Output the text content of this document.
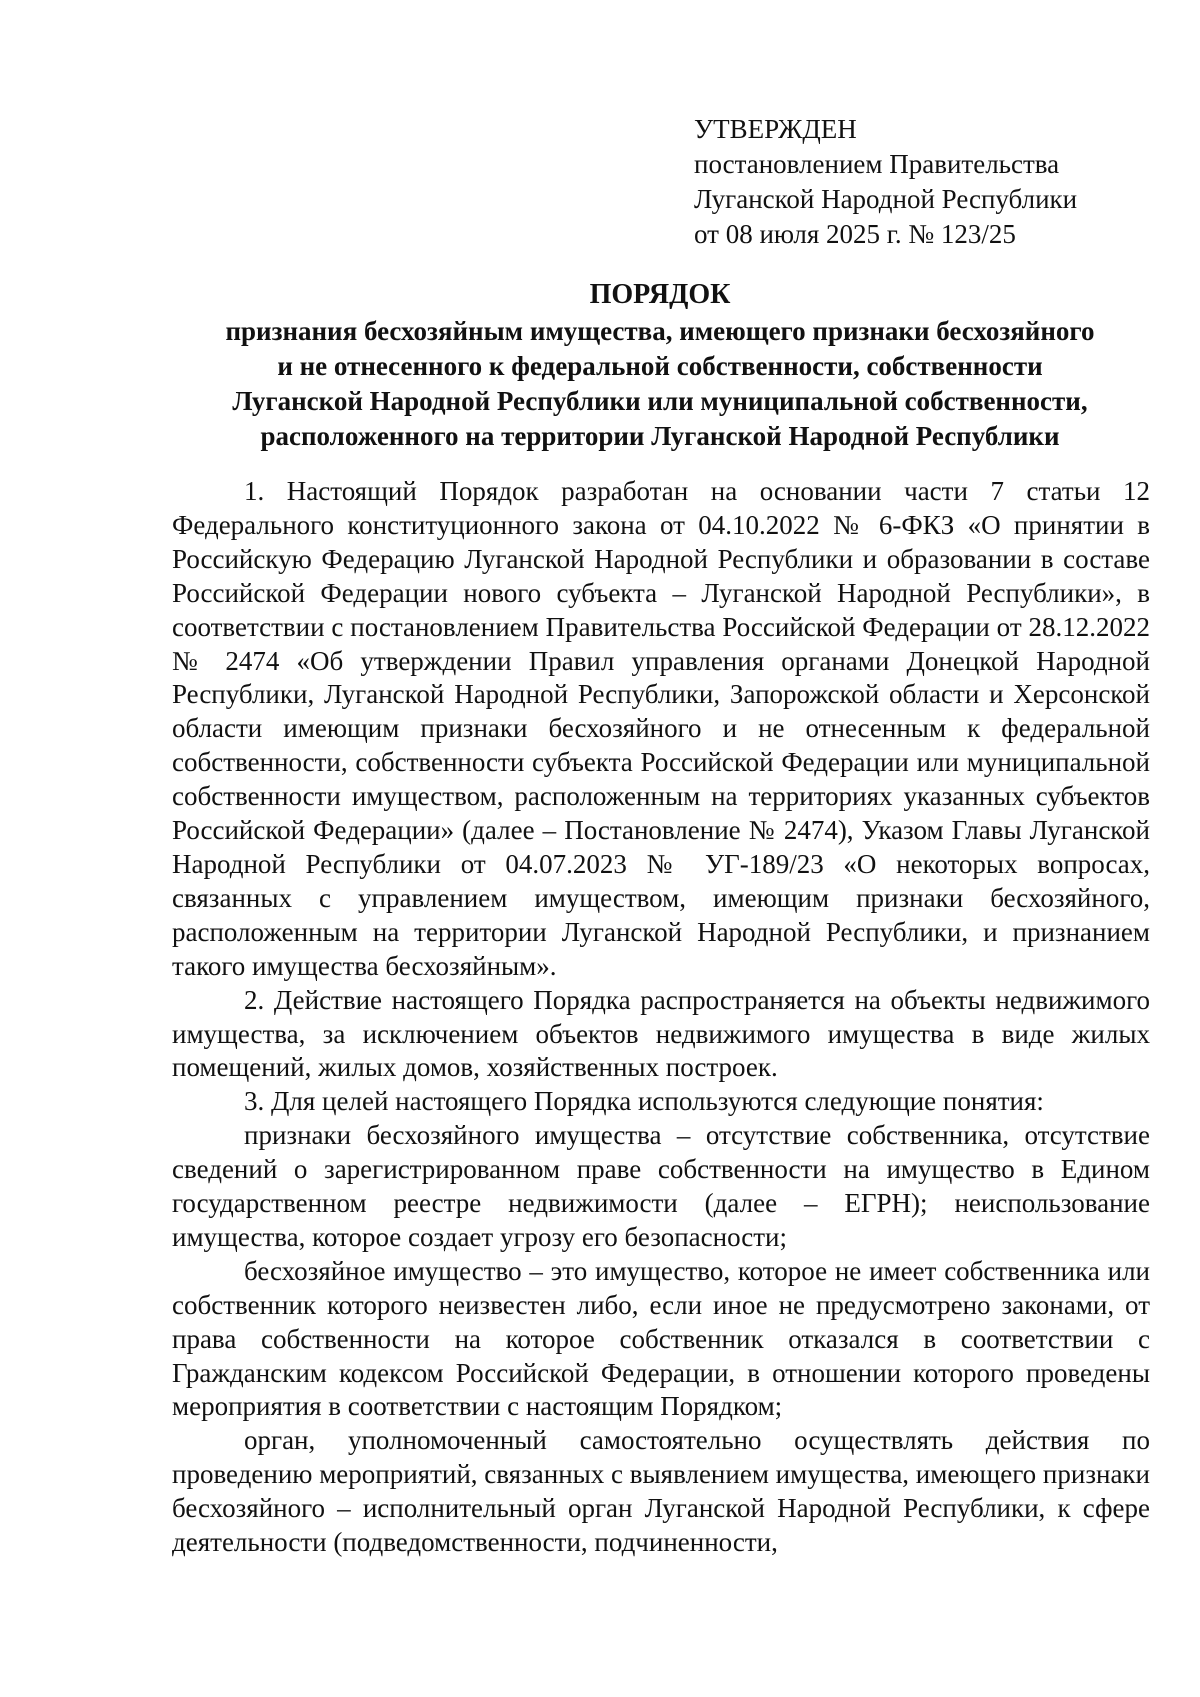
УТВЕРЖДЕН
постановлением Правительства
Луганской Народной Республики
от 08 июля 2025 г. № 123/25
ПОРЯДОК
признания бесхозяйным имущества, имеющего признаки бесхозяйного
и не отнесенного к федеральной собственности, собственности
Луганской Народной Республики или муниципальной собственности,
расположенного на территории Луганской Народной Республики

1. Настоящий Порядок разработан на основании части 7 статьи 12 Федерального конституционного закона от 04.10.2022 № 6-ФКЗ «О принятии в Российскую Федерацию Луганской Народной Республики и образовании в составе Российской Федерации нового субъекта – Луганской Народной Республики», в соответствии с постановлением Правительства Российской Федерации от 28.12.2022 № 2474 «Об утверждении Правил управления органами Донецкой Народной Республики, Луганской Народной Республики, Запорожской области и Херсонской области имеющим признаки бесхозяйного и не отнесенным к федеральной собственности, собственности субъекта Российской Федерации или муниципальной собственности имуществом, расположенным на территориях указанных субъектов Российской Федерации» (далее – Постановление № 2474), Указом Главы Луганской Народной Республики от 04.07.2023 № УГ-189/23 «О некоторых вопросах, связанных с управлением имуществом, имеющим признаки бесхозяйного, расположенным на территории Луганской Народной Республики, и признанием такого имущества бесхозяйным».

2. Действие настоящего Порядка распространяется на объекты недвижимого имущества, за исключением объектов недвижимого имущества в виде жилых помещений, жилых домов, хозяйственных построек.

3. Для целей настоящего Порядка используются следующие понятия:

признаки бесхозяйного имущества – отсутствие собственника, отсутствие сведений о зарегистрированном праве собственности на имущество в Едином государственном реестре недвижимости (далее – ЕГРН); неиспользование имущества, которое создает угрозу его безопасности;

бесхозяйное имущество – это имущество, которое не имеет собственника или собственник которого неизвестен либо, если иное не предусмотрено законами, от права собственности на которое собственник отказался в соответствии с Гражданским кодексом Российской Федерации, в отношении которого проведены мероприятия в соответствии с настоящим Порядком;

орган, уполномоченный самостоятельно осуществлять действия по проведению мероприятий, связанных с выявлением имущества, имеющего признаки бесхозяйного – исполнительный орган Луганской Народной Республики, к сфере деятельности (подведомственности, подчиненности,
